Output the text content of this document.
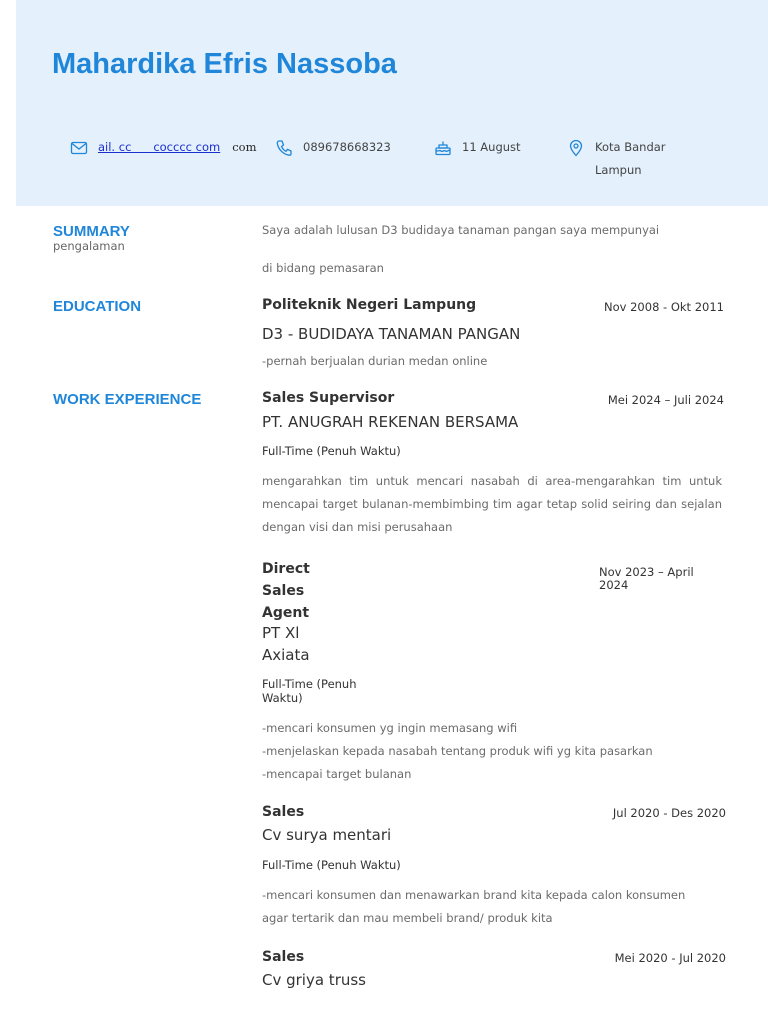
Mahardika Efris Nassoba
ail. cc      cocccc com com	089678668323	11 August	Kota Bandar
Lampun
SUMMARY
pengalaman
Saya adalah lulusan D3 budidaya tanaman pangan saya mempunyai
di bidang pemasaran
EDUCATION	Politeknik Negeri Lampung	Nov 2008 - Okt 2011
D3 - BUDIDAYA TANAMAN PANGAN
-pernah berjualan durian medan online
WORK EXPERIENCE	Sales Supervisor	Mei 2024 – Juli 2024
PT. ANUGRAH REKENAN BERSAMA
Full-Time (Penuh Waktu)
mengarahkan tim untuk mencari nasabah di area-mengarahkan tim untuk mencapai target bulanan-membimbing tim agar tetap solid seiring dan sejalan dengan visi dan misi perusahaan
Direct
Sales
Agent
Nov 2023 – April
2024
PT Xl
Axiata
Full-Time (Penuh
Waktu)
-mencari konsumen yg ingin memasang wifi
-menjelaskan kepada nasabah tentang produk wifi yg kita pasarkan
-mencapai target bulanan
Sales	Jul 2020 - Des 2020
Cv surya mentari
Full-Time (Penuh Waktu)
-mencari konsumen dan menawarkan brand kita kepada calon konsumen
agar tertarik dan mau membeli brand/ produk kita
Sales	Mei 2020 - Jul 2020
Cv griya truss
